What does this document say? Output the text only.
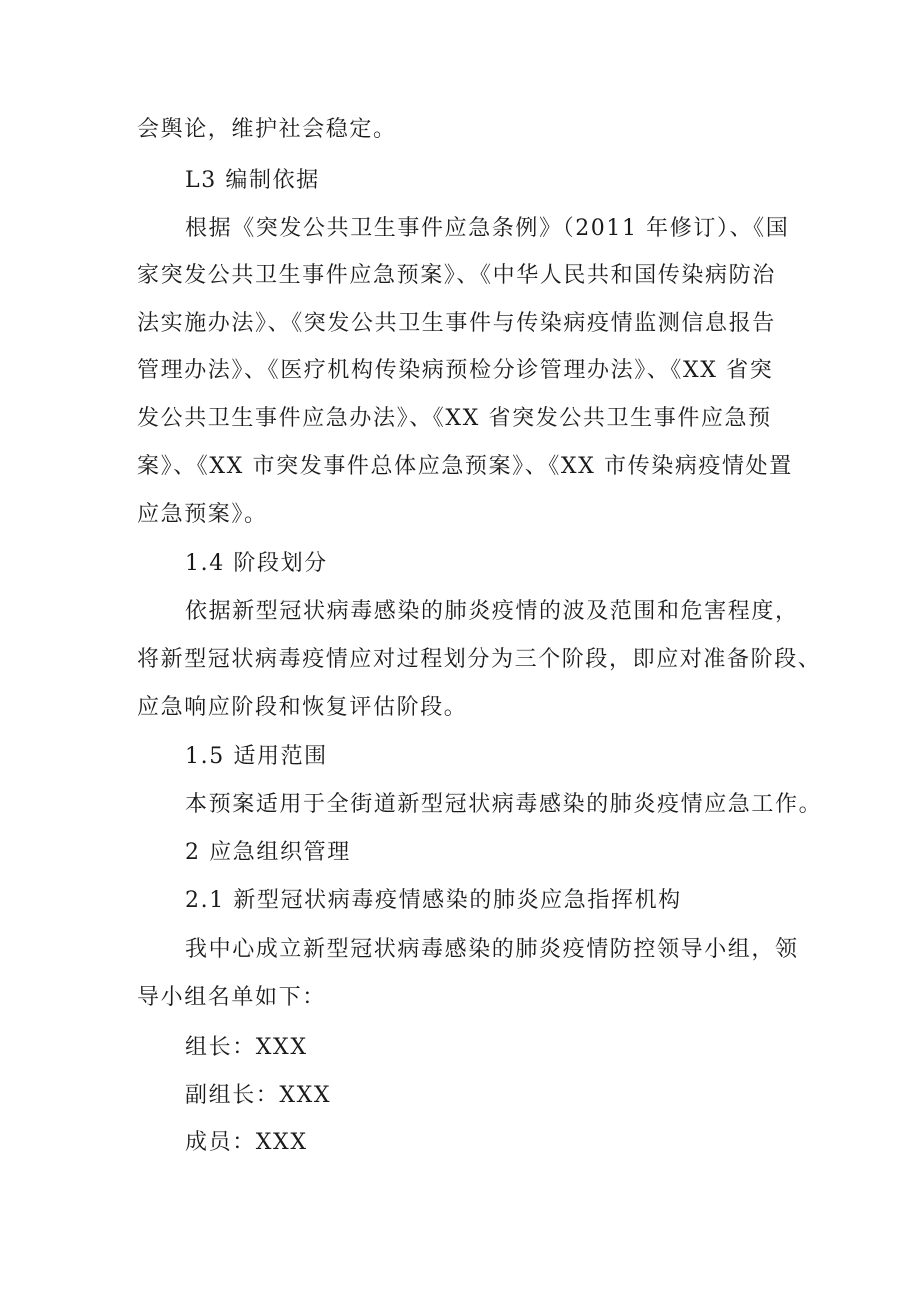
会舆论，维护社会稳定。
L3 编制依据
根据《突发公共卫生事件应急条例》（2011 年修订）、《国
家突发公共卫生事件应急预案》、《中华人民共和国传染病防治
法实施办法》、《突发公共卫生事件与传染病疫情监测信息报告
管理办法》、《医疗机构传染病预检分诊管理办法》、《XX 省突
发公共卫生事件应急办法》、《XX 省突发公共卫生事件应急预
案》、《XX 市突发事件总体应急预案》、《XX 市传染病疫情处置
应急预案》。
1.4 阶段划分
依据新型冠状病毒感染的肺炎疫情的波及范围和危害程度，
将新型冠状病毒疫情应对过程划分为三个阶段，即应对准备阶段、
应急响应阶段和恢复评估阶段。
1.5 适用范围
本预案适用于全街道新型冠状病毒感染的肺炎疫情应急工作。
2 应急组织管理
2.1 新型冠状病毒疫情感染的肺炎应急指挥机构
我中心成立新型冠状病毒感染的肺炎疫情防控领导小组，领
导小组名单如下：
组长：XXX
副组长：XXX
成员：XXX
